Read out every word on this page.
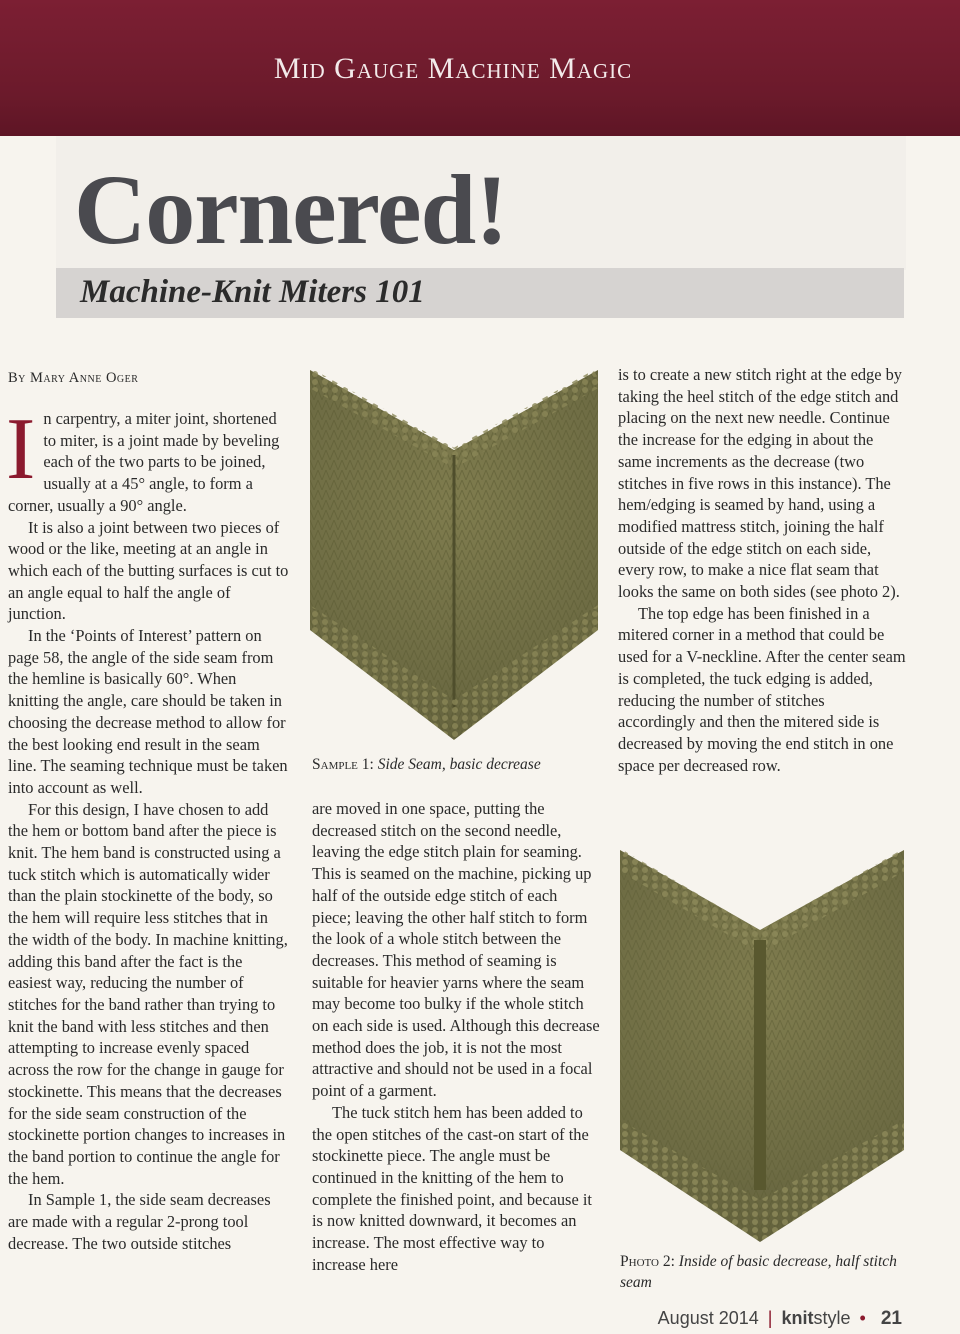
Mid Gauge Machine Magic
Cornered!
Machine-Knit Miters 101
By Mary Anne Oger

In carpentry, a miter joint, shortened to miter, is a joint made by beveling each of the two parts to be joined, usually at a 45° angle, to form a corner, usually a 90° angle.

It is also a joint between two pieces of wood or the like, meeting at an angle in which each of the butting surfaces is cut to an angle equal to half the angle of junction.

In the ‘Points of Interest’ pattern on page 58, the angle of the side seam from the hemline is basically 60°. When knitting the angle, care should be taken in choosing the decrease method to allow for the best looking end result in the seam line. The seaming technique must be taken into account as well.

For this design, I have chosen to add the hem or bottom band after the piece is knit. The hem band is constructed using a tuck stitch which is automatically wider than the plain stockinette of the body, so the hem will require less stitches that in the width of the body. In machine knitting, adding this band after the fact is the easiest way, reducing the number of stitches for the band rather than trying to knit the band with less stitches and then attempting to increase evenly spaced across the row for the change in gauge for stockinette. This means that the decreases for the side seam construction of the stockinette portion changes to increases in the band portion to continue the angle for the hem.

In Sample 1, the side seam decreases are made with a regular 2-prong tool decrease. The two outside stitches

Sample 1: Side Seam, basic decrease

are moved in one space, putting the decreased stitch on the second needle, leaving the edge stitch plain for seaming. This is seamed on the machine, picking up half of the outside edge stitch of each piece; leaving the other half stitch to form the look of a whole stitch between the decreases. This method of seaming is suitable for heavier yarns where the seam may become too bulky if the whole stitch on each side is used. Although this decrease method does the job, it is not the most attractive and should not be used in a focal point of a garment.

The tuck stitch hem has been added to the open stitches of the cast-on start of the stockinette piece. The angle must be continued in the knitting of the hem to complete the finished point, and because it is now knitted downward, it becomes an increase. The most effective way to increase here

is to create a new stitch right at the edge by taking the heel stitch of the edge stitch and placing on the next new needle. Continue the increase for the edging in about the same increments as the decrease (two stitches in five rows in this instance). The hem/edging is seamed by hand, using a modified mattress stitch, joining the half outside of the edge stitch on each side, every row, to make a nice flat seam that looks the same on both sides (see photo 2).

The top edge has been finished in a mitered corner in a method that could be used for a V-neckline. After the center seam is completed, the tuck edging is added, reducing the number of stitches accordingly and then the mitered side is decreased by moving the end stitch in one space per decreased row.

Photo 2: Inside of basic decrease, half stitch seam
August 2014 | knitstyle • 21
